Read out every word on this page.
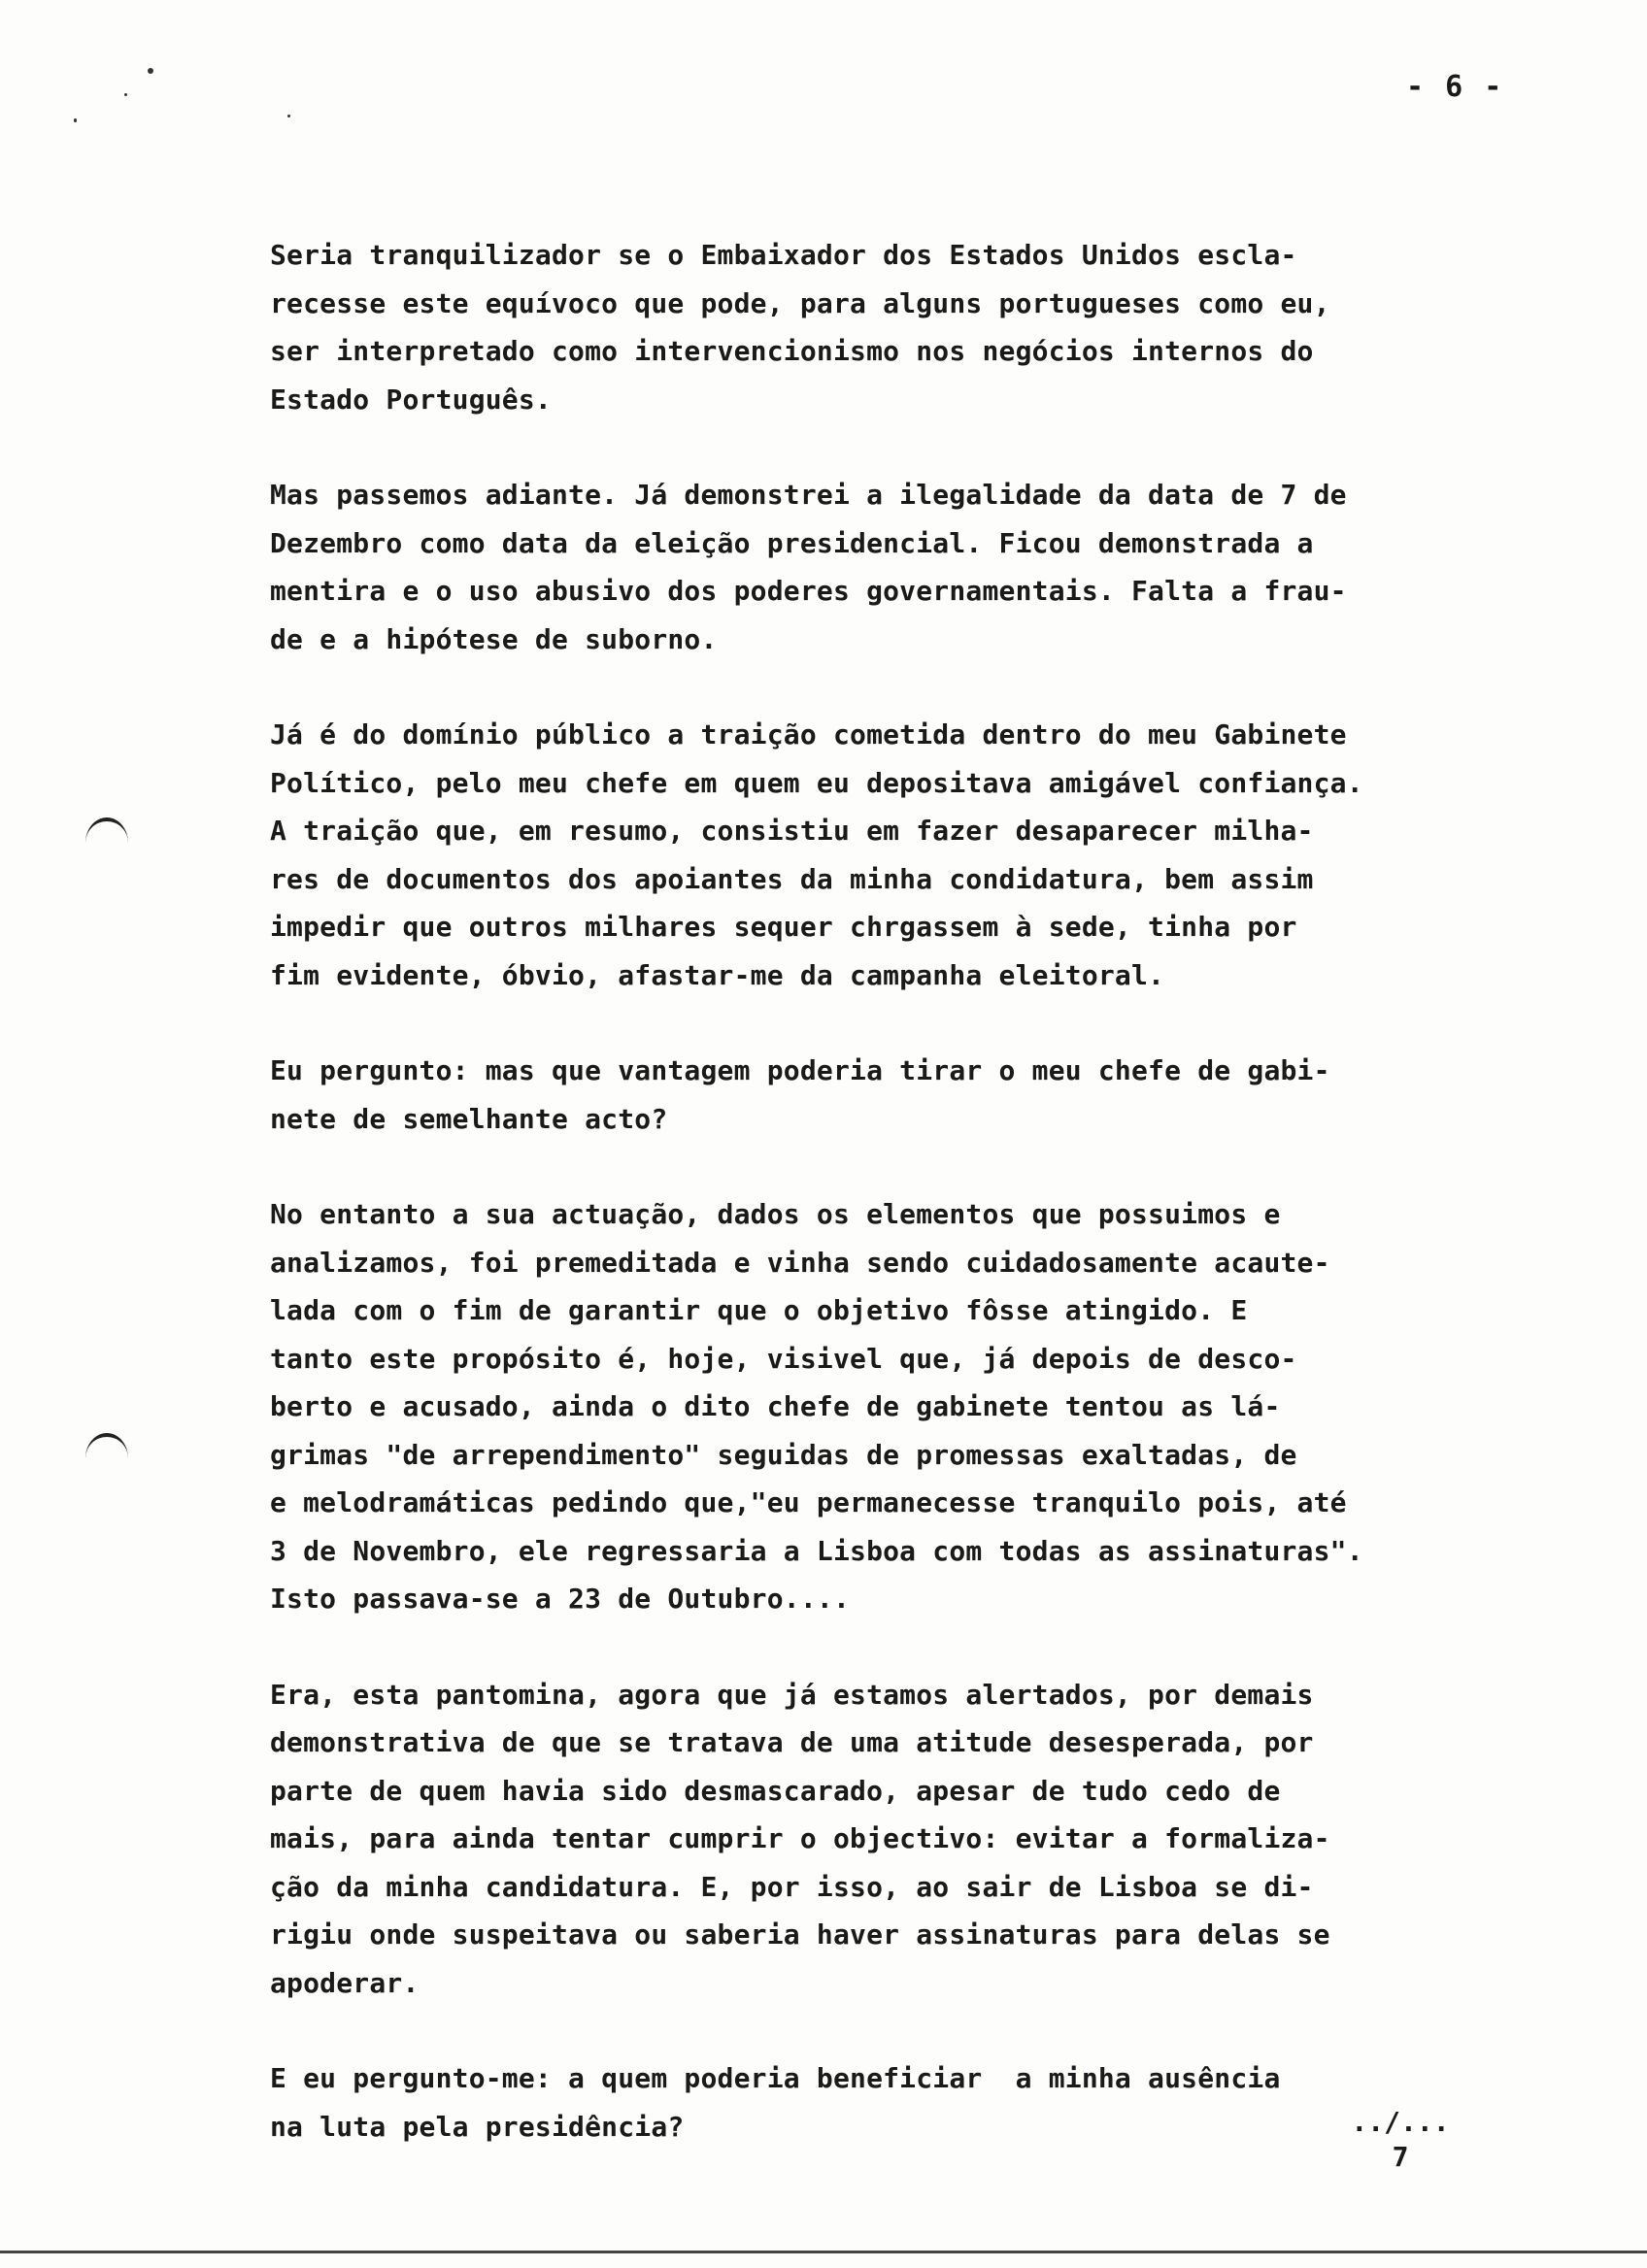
- 6 -

Seria tranquilizador se o Embaixador dos Estados Unidos escla-
recesse este equívoco que pode, para alguns portugueses como eu,
ser interpretado como intervencionismo nos negócios internos do
Estado Português.

Mas passemos adiante. Já demonstrei a ilegalidade da data de 7 de
Dezembro como data da eleição presidencial. Ficou demonstrada a
mentira e o uso abusivo dos poderes governamentais. Falta a frau-
de e a hipótese de suborno.

Já é do domínio público a traição cometida dentro do meu Gabinete
Político, pelo meu chefe em quem eu depositava amigável confiança.
A traição que, em resumo, consistiu em fazer desaparecer milha-
res de documentos dos apoiantes da minha condidatura, bem assim
impedir que outros milhares sequer chrgassem à sede, tinha por
fim evidente, óbvio, afastar-me da campanha eleitoral.

Eu pergunto: mas que vantagem poderia tirar o meu chefe de gabi-
nete de semelhante acto?

No entanto a sua actuação, dados os elementos que possuimos e
analizamos, foi premeditada e vinha sendo cuidadosamente acaute-
lada com o fim de garantir que o objetivo fôsse atingido. E
tanto este propósito é, hoje, visivel que, já depois de desco-
berto e acusado, ainda o dito chefe de gabinete tentou as lá-
grimas "de arrependimento" seguidas de promessas exaltadas, de
e melodramáticas pedindo que,"eu permanecesse tranquilo pois, até
3 de Novembro, ele regressaria a Lisboa com todas as assinaturas".
Isto passava-se a 23 de Outubro....

Era, esta pantomina, agora que já estamos alertados, por demais
demonstrativa de que se tratava de uma atitude desesperada, por
parte de quem havia sido desmascarado, apesar de tudo cedo de
mais, para ainda tentar cumprir o objectivo: evitar a formaliza-
ção da minha candidatura. E, por isso, ao sair de Lisboa se di-
rigiu onde suspeitava ou saberia haver assinaturas para delas se
apoderar.

E eu pergunto-me: a quem poderia beneficiar  a minha ausência
na luta pela presidência?	../...
7
